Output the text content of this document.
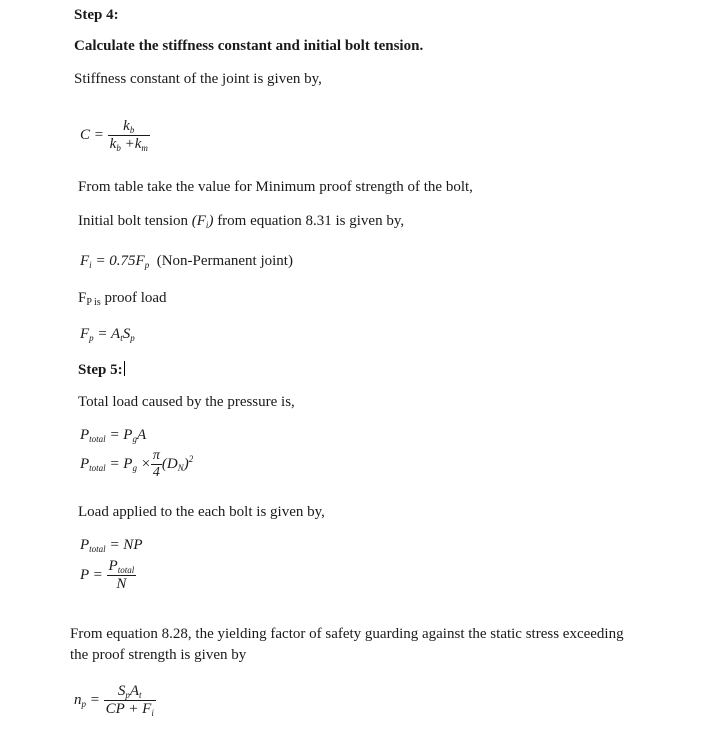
Step 4:
Calculate the stiffness constant and initial bolt tension.
Stiffness constant of the joint is given by,
$C = \frac{k_b}{k_b +k_m}$
From table take the value for Minimum proof strength of the bolt,
Initial bolt tension $(F_i)$ from equation 8.31 is given by,
$F_i = 0.75F_p$ (Non-Permanent joint)
$F_{P is}$ proof load
$F_p = A_tS_p$
Step 5:
Total load caused by the pressure is,
$P_{total} = P_gA$
$P_{total} = P_g \times \frac{\pi}{4} (D_N)^2$
Load applied to the each bolt is given by,
$P_{total}$ = NP
$P = \frac{P_{total}}{N}$
From equation 8.28, the yielding factor of safety guarding against the static stress exceeding
the proof strength is given by
$n_p = \frac{S_pA_t}{CP + F_i}$
